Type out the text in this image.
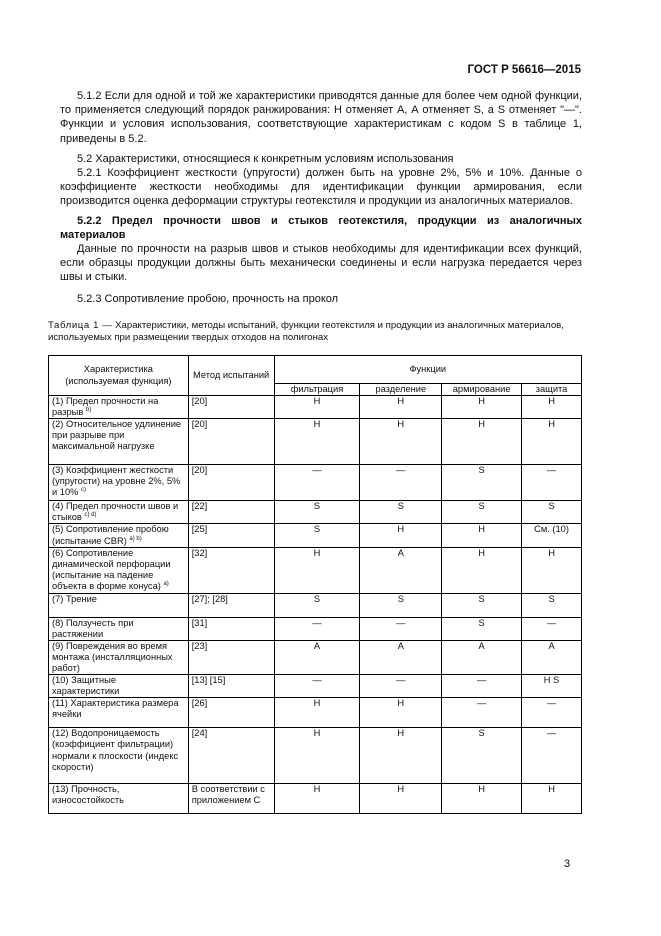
ГОСТ Р 56616—2015

5.1.2 Если для одной и той же характеристики приводятся данные для более чем одной функции, то применяется следующий порядок ранжирования: Н отменяет А, А отменяет S, а S отменяет "—". Функции и условия использования, соответствующие характеристикам с кодом S в таблице 1, приведены в 5.2.

5.2 Характеристики, относящиеся к конкретным условиям использования

5.2.1 Коэффициент жесткости (упругости) должен быть на уровне 2%, 5% и 10%. Данные о коэффициенте жесткости необходимы для идентификации функции армирования, если производится оценка деформации структуры геотекстиля и продукции из аналогичных материалов.

5.2.2 Предел прочности швов и стыков геотекстиля, продукции из аналогичных материалов

Данные по прочности на разрыв швов и стыков необходимы для идентификации всех функций, если образцы продукции должны быть механически соединены и если нагрузка передается через швы и стыки.

5.2.3 Сопротивление пробою, прочность на прокол

Таблица 1 — Характеристики, методы испытаний, функции геотекстиля и продукции из аналогичных материалов, используемых при размещении твердых отходов на полигонах

Характеристика (используемая функция)	Метод испытаний	Функции			
		фильтрация	разделение	армирование	защита
(1) Предел прочности на разрыв $^{b)}$	[20]	Н	Н	Н	Н
(2) Относительное удлинение при разрыве при максимальной нагрузке	[20]	Н	Н	Н	Н
(3) Коэффициент жесткости (упругости) на уровне 2%, 5% и 10% $^{c)}$	[20]	—	—	S	—
(4) Предел прочности швов и стыков $^{c) d)}$	[22]	S	S	S	S
(5) Сопротивление пробою (испытание CBR) $^{a) b)}$	[25]	S	Н	Н	См. (10)
(6) Сопротивление динамической перфорации (испытание на падение объекта в форме конуса) $^{a)}$	[32]	Н	А	Н	Н
(7) Трение	[27]; [28]	S	S	S	S
(8) Ползучесть при растяжении	[31]	—	—	S	—
(9) Повреждения во время монтажа (инсталляционных работ)	[23]	А	А	А	А
(10) Защитные характеристики	[13] [15]	—	—	—	Н S
(11) Характеристика размера ячейки	[26]	Н	Н	—	—
(12) Водопроницаемость (коэффициент фильтрации) нормали к плоскости (индекс скорости)	[24]	Н	Н	S	—
(13) Прочность, износостойкость	В соответствии с приложением С	Н	Н	Н	Н
3
